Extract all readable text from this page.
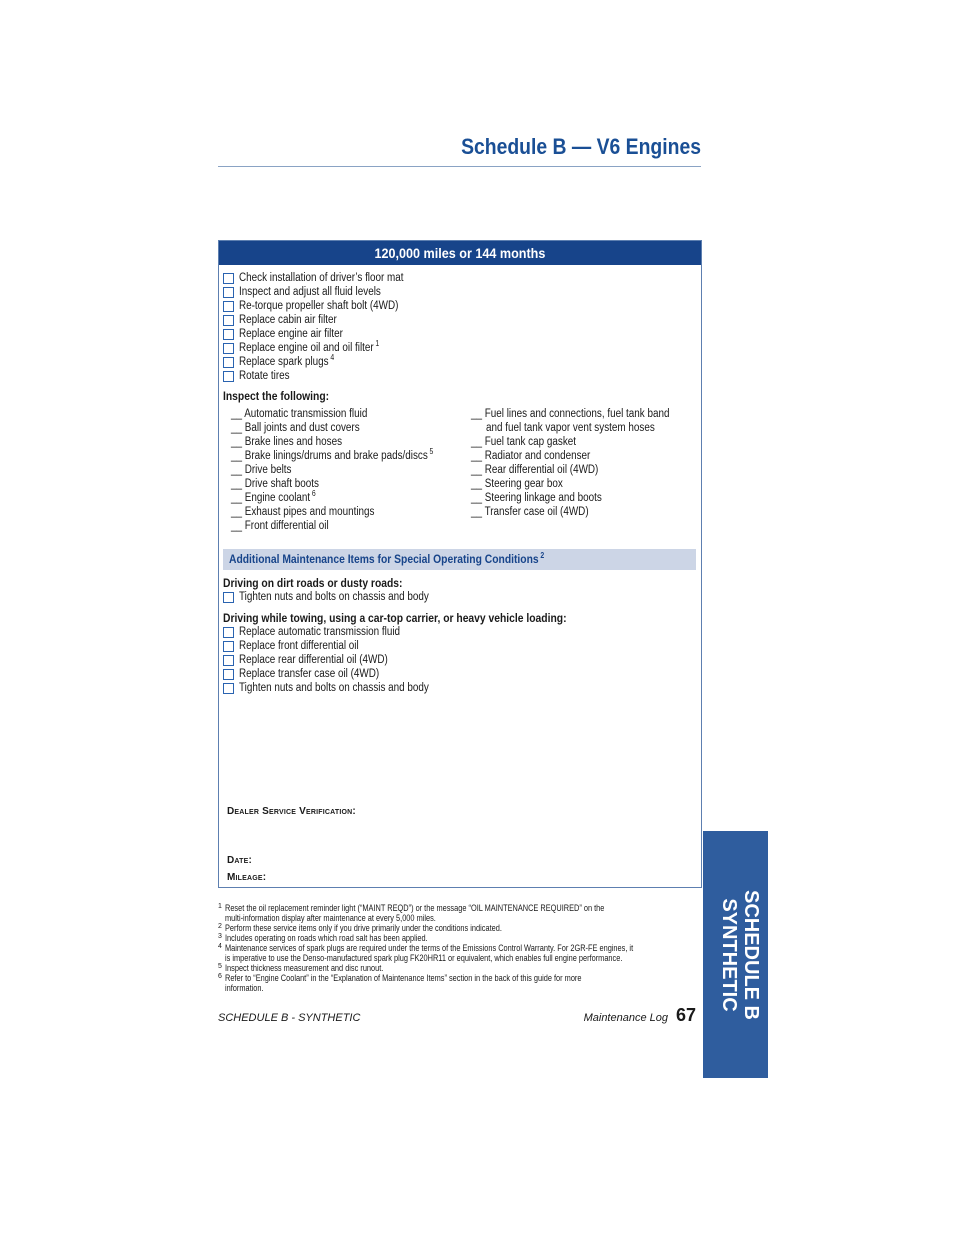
Schedule B — V6 Engines
120,000 miles or 144 months
Check installation of driver’s floor mat
Inspect and adjust all fluid levels
Re-torque propeller shaft bolt (4WD)
Replace cabin air filter
Replace engine air filter
Replace engine oil and oil filter $^1$
Replace spark plugs $^4$
Rotate tires
Inspect the following:
__ Automatic transmission fluid
__ Ball joints and dust covers
__ Brake lines and hoses
__ Brake linings/drums and brake pads/discs $^5$
__ Drive belts
__ Drive shaft boots
__ Engine coolant $^6$
__ Exhaust pipes and mountings
__ Front differential oil
__ Fuel lines and connections, fuel tank band
and fuel tank vapor vent system hoses
__ Fuel tank cap gasket
__ Radiator and condenser
__ Rear differential oil (4WD)
__ Steering gear box
__ Steering linkage and boots
__ Transfer case oil (4WD)
Additional Maintenance Items for Special Operating Conditions $^2$
Driving on dirt roads or dusty roads:
Tighten nuts and bolts on chassis and body
Driving while towing, using a car-top carrier, or heavy vehicle loading:
Replace automatic transmission fluid
Replace front differential oil
Replace rear differential oil (4WD)
Replace transfer case oil (4WD)
Tighten nuts and bolts on chassis and body
Dealer Service Verification:
Date:
Mileage:
1 Reset the oil replacement reminder light (“MAINT REQD”) or the message “OIL MAINTENANCE REQUIRED” on the
multi-information display after maintenance at every 5,000 miles.
2 Perform these service items only if you drive primarily under the conditions indicated.
3 Includes operating on roads which road salt has been applied.
4 Maintenance services of spark plugs are required under the terms of the Emissions Control Warranty. For 2GR-FE engines, it
is imperative to use the Denso-manufactured spark plug FK20HR11 or equivalent, which enables full engine performance.
5 Inspect thickness measurement and disc runout.
6 Refer to “Engine Coolant” in the “Explanation of Maintenance Items” section in the back of this guide for more
information.
SCHEDULE B - SYNTHETIC	Maintenance Log 67 SCHEDULE B
SYNTHETIC
